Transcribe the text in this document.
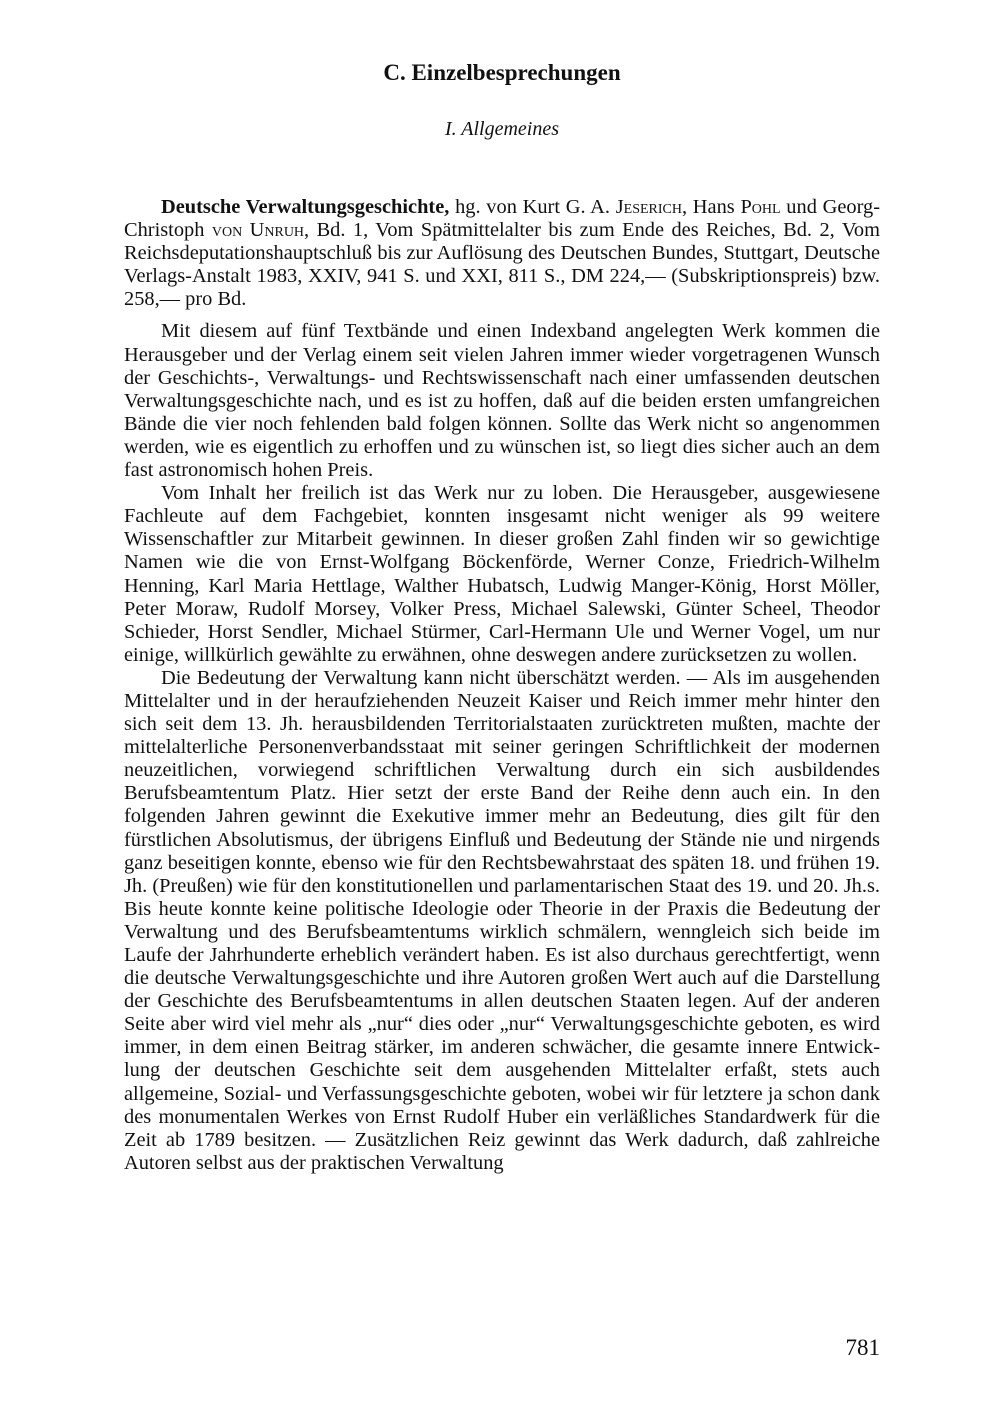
C. Einzelbesprechungen
I. Allgemeines

Deutsche Verwaltungsgeschichte, hg. von Kurt G. A. Jeserich, Hans Pohl und Georg-Christoph von Unruh, Bd. 1, Vom Spätmittelalter bis zum Ende des Reiches, Bd. 2, Vom Reichsdeputationshauptschluß bis zur Auflösung des Deutschen Bundes, Stuttgart, Deutsche Verlags-Anstalt 1983, XXIV, 941 S. und XXI, 811 S., DM 224,— (Subskriptionspreis) bzw. 258,— pro Bd.

Mit diesem auf fünf Textbände und einen Indexband angelegten Werk kommen die Herausgeber und der Verlag einem seit vielen Jahren immer wieder vorgetragenen Wunsch der Geschichts-, Verwaltungs- und Rechtswissenschaft nach einer umfassenden deutschen Verwaltungsgeschichte nach, und es ist zu hoffen, daß auf die beiden ersten umfangreichen Bände die vier noch fehlenden bald folgen können. Sollte das Werk nicht so angenommen werden, wie es eigentlich zu erhoffen und zu wünschen ist, so liegt dies sicher auch an dem fast astronomisch hohen Preis.

Vom Inhalt her freilich ist das Werk nur zu loben. Die Herausgeber, ausgewiesene Fachleute auf dem Fachgebiet, konnten insgesamt nicht weniger als 99 weitere Wissenschaftler zur Mitarbeit gewinnen. In dieser großen Zahl finden wir so gewichtige Namen wie die von Ernst-Wolfgang Böckenförde, Werner Conze, Friedrich-Wilhelm Henning, Karl Maria Hettlage, Walther Hubatsch, Ludwig Manger-König, Horst Möller, Peter Moraw, Rudolf Morsey, Volker Press, Michael Salewski, Günter Scheel, Theodor Schieder, Horst Sendler, Michael Stürmer, Carl-Hermann Ule und Werner Vogel, um nur einige, willkürlich gewählte zu erwähnen, ohne deswegen andere zurücksetzen zu wollen.

Die Bedeutung der Verwaltung kann nicht überschätzt werden. — Als im ausgehenden Mittelalter und in der heraufziehenden Neuzeit Kaiser und Reich immer mehr hinter den sich seit dem 13. Jh. herausbildenden Territorialstaaten zurücktreten mußten, machte der mittelalterliche Personenverbandsstaat mit seiner geringen Schriftlichkeit der modernen neuzeitlichen, vorwiegend schriftlichen Verwaltung durch ein sich ausbildendes Berufsbeamtentum Platz. Hier setzt der erste Band der Reihe denn auch ein. In den folgenden Jahren gewinnt die Exekutive immer mehr an Bedeutung, dies gilt für den fürstlichen Absolutismus, der übrigens Einfluß und Bedeutung der Stände nie und nirgends ganz beseitigen konnte, ebenso wie für den Rechtsbewahrstaat des späten 18. und frühen 19. Jh. (Preußen) wie für den konstitutionellen und parlamentarischen Staat des 19. und 20. Jh.s. Bis heute konnte keine politische Ideologie oder Theorie in der Praxis die Bedeutung der Verwaltung und des Berufsbeamtentums wirklich schmälern, wenngleich sich beide im Laufe der Jahrhunderte erheblich verändert haben. Es ist also durchaus gerechtfertigt, wenn die deutsche Verwaltungsgeschichte und ihre Autoren großen Wert auch auf die Darstellung der Geschichte des Berufsbeamtentums in allen deutschen Staaten legen. Auf der anderen Seite aber wird viel mehr als „nur“ dies oder „nur“ Verwaltungsgeschichte geboten, es wird immer, in dem einen Beitrag stärker, im anderen schwächer, die gesamte innere Entwicklung der deutschen Geschichte seit dem ausgehenden Mittelalter erfaßt, stets auch allgemeine, Sozial- und Verfassungsgeschichte geboten, wobei wir für letztere ja schon dank des monumentalen Werkes von Ernst Rudolf Huber ein verläßliches Standardwerk für die Zeit ab 1789 besitzen. — Zusätzlichen Reiz gewinnt das Werk dadurch, daß zahlreiche Autoren selbst aus der praktischen Verwaltung

781
